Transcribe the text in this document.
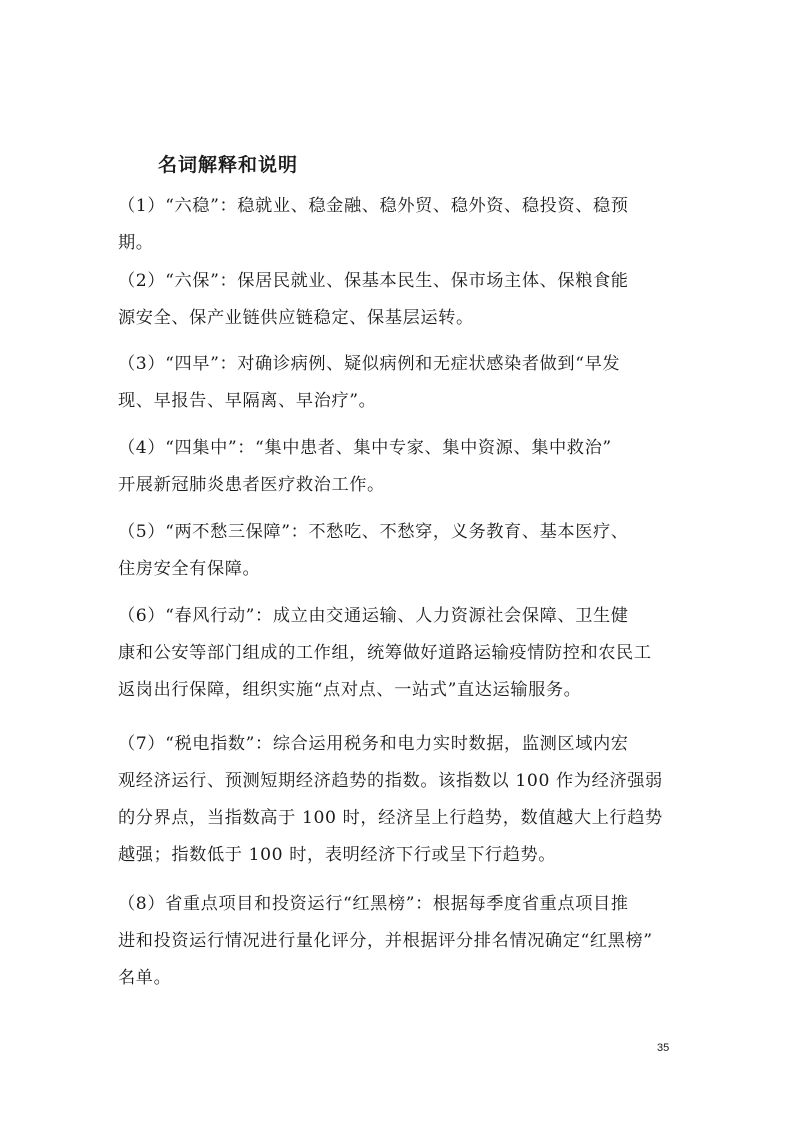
名词解释和说明
（1）“六稳”：稳就业、稳金融、稳外贸、稳外资、稳投资、稳预
期。
（2）“六保”：保居民就业、保基本民生、保市场主体、保粮食能
源安全、保产业链供应链稳定、保基层运转。
（3）“四早”：对确诊病例、疑似病例和无症状感染者做到“早发
现、早报告、早隔离、早治疗”。
（4）“四集中”：“集中患者、集中专家、集中资源、集中救治”
开展新冠肺炎患者医疗救治工作。
（5）“两不愁三保障”：不愁吃、不愁穿，义务教育、基本医疗、
住房安全有保障。
（6）“春风行动”：成立由交通运输、人力资源社会保障、卫生健
康和公安等部门组成的工作组，统筹做好道路运输疫情防控和农民工
返岗出行保障，组织实施“点对点、一站式”直达运输服务。
（7）“税电指数”：综合运用税务和电力实时数据，监测区域内宏
观经济运行、预测短期经济趋势的指数。该指数以 100 作为经济强弱
的分界点，当指数高于 100 时，经济呈上行趋势，数值越大上行趋势
越强；指数低于 100 时，表明经济下行或呈下行趋势。
（8）省重点项目和投资运行“红黑榜”：根据每季度省重点项目推
进和投资运行情况进行量化评分，并根据评分排名情况确定“红黑榜”
名单。
35
